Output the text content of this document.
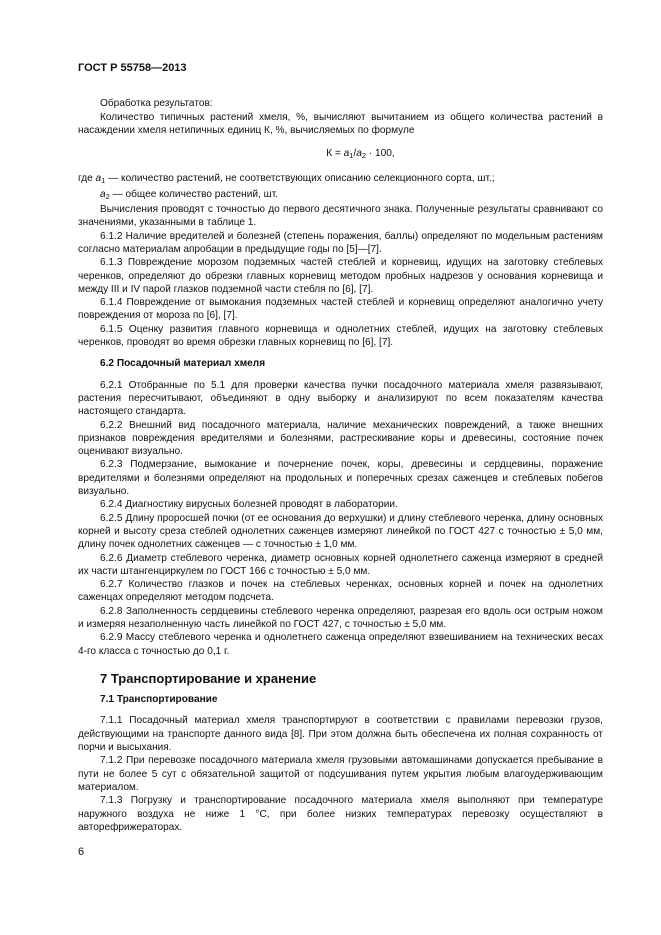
ГОСТ Р 55758—2013

Обработка результатов:

Количество типичных растений хмеля, %, вычисляют вычитанием из общего количества растений в насаждении хмеля нетипичных единиц К, %, вычисляемых по формуле

$К = a_1/a_2 \cdot 100$,

где $a_1$ — количество растений, не соответствующих описанию селекционного сорта, шт.;

$a_2$ — общее количество растений, шт.

Вычисления проводят с точностью до первого десятичного знака. Полученные результаты сравнивают со значениями, указанными в таблице 1.

6.1.2 Наличие вредителей и болезней (степень поражения, баллы) определяют по модельным растениям согласно материалам апробации в предыдущие годы по [5]—[7].

6.1.3 Повреждение морозом подземных частей стеблей и корневищ, идущих на заготовку стеблевых черенков, определяют до обрезки главных корневищ методом пробных надрезов у основания корневища и между III и IV парой глазков подземной части стебля по [6], [7].

6.1.4 Повреждение от вымокания подземных частей стеблей и корневищ определяют аналогично учету повреждения от мороза по [6], [7].

6.1.5 Оценку развития главного корневища и однолетних стеблей, идущих на заготовку стеблевых черенков, проводят во время обрезки главных корневищ по [6], [7].

6.2 Посадочный материал хмеля

6.2.1 Отобранные по 5.1 для проверки качества пучки посадочного материала хмеля развязывают, растения пересчитывают, объединяют в одну выборку и анализируют по всем показателям качества настоящего стандарта.

6.2.2 Внешний вид посадочного материала, наличие механических повреждений, а также внешних признаков повреждения вредителями и болезнями, растрескивание коры и древесины, состояние почек оценивают визуально.

6.2.3 Подмерзание, вымокание и почернение почек, коры, древесины и сердцевины, поражение вредителями и болезнями определяют на продольных и поперечных срезах саженцев и стеблевых побегов визуально.

6.2.4 Диагностику вирусных болезней проводят в лаборатории.

6.2.5 Длину проросшей почки (от ее основания до верхушки) и длину стеблевого черенка, длину основных корней и высоту среза стеблей однолетних саженцев измеряют линейкой по ГОСТ 427 с точностью ± 5,0 мм, длину почек однолетних саженцев — с точностью ± 1,0 мм.

6.2.6 Диаметр стеблевого черенка, диаметр основных корней однолетнего саженца измеряют в средней их части штангенциркулем по ГОСТ 166 с точностью ± 5,0 мм.

6.2.7 Количество глазков и почек на стеблевых черенках, основных корней и почек на однолетних саженцах определяют методом подсчета.

6.2.8 Заполненность сердцевины стеблевого черенка определяют, разрезая его вдоль оси острым ножом и измеряя незаполненную часть линейкой по ГОСТ 427, с точностью ± 5,0 мм.

6.2.9 Массу стеблевого черенка и однолетнего саженца определяют взвешиванием на технических весах 4-го класса с точностью до 0,1 г.

7 Транспортирование и хранение
7.1 Транспортирование

7.1.1 Посадочный материал хмеля транспортируют в соответствии с правилами перевозки грузов, действующими на транспорте данного вида [8]. При этом должна быть обеспечена их полная сохранность от порчи и высыхания.

7.1.2 При перевозке посадочного материала хмеля грузовыми автомашинами допускается пребывание в пути не более 5 сут с обязательной защитой от подсушивания путем укрытия любым влагоудерживающим материалом.

7.1.3 Погрузку и транспортирование посадочного материала хмеля выполняют при температуре наружного воздуха не ниже 1 °С, при более низких температурах перевозку осуществляют в авторефрижераторах.

6
